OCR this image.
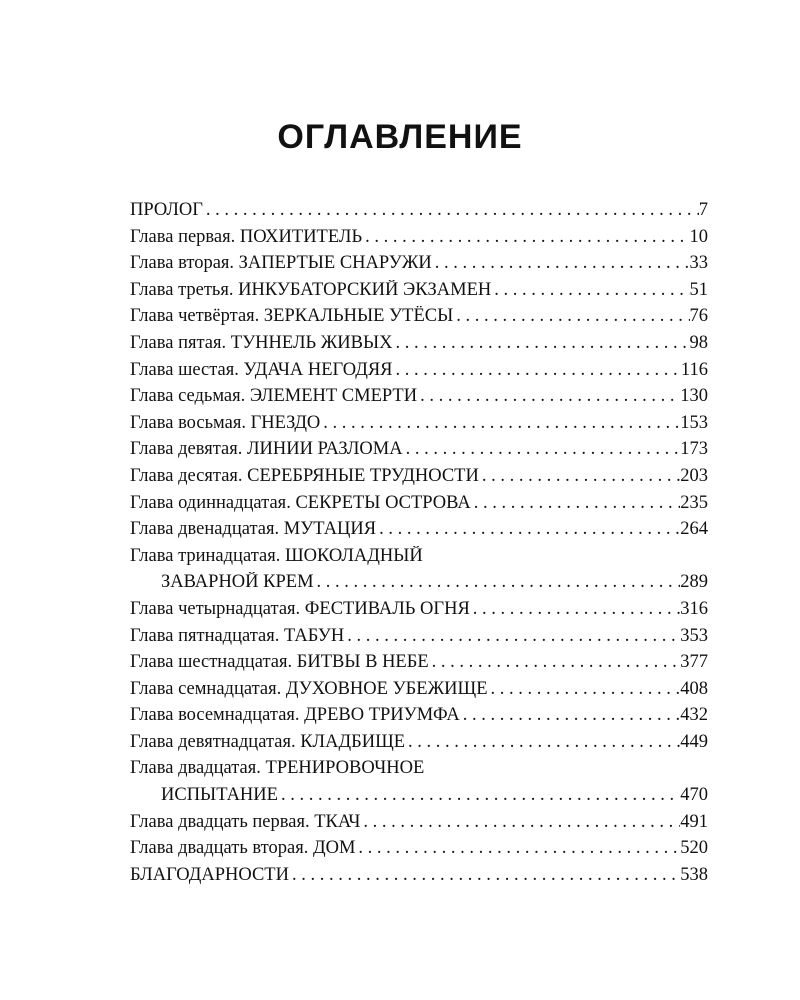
ОГЛАВЛЕНИЕ
ПРОЛОГ . . .	7
Глава первая. ПОХИТИТЕЛЬ . . .	10
Глава вторая. ЗАПЕРТЫЕ СНАРУЖИ . . .	33
Глава третья. ИНКУБАТОРСКИЙ ЭКЗАМЕН . . .	51
Глава четвёртая. ЗЕРКАЛЬНЫЕ УТЁСЫ . . .	76
Глава пятая. ТУННЕЛЬ ЖИВЫХ . . .	98
Глава шестая. УДАЧА НЕГОДЯЯ . . .	116
Глава седьмая. ЭЛЕМЕНТ СМЕРТИ . . .	130
Глава восьмая. ГНЕЗДО . . .	153
Глава девятая. ЛИНИИ РАЗЛОМА . . .	173
Глава десятая. СЕРЕБРЯНЫЕ ТРУДНОСТИ . . .	203
Глава одиннадцатая. СЕКРЕТЫ ОСТРОВА . . .	235
Глава двенадцатая. МУТАЦИЯ . . .	264
Глава тринадцатая. ШОКОЛАДНЫЙ
ЗАВАРНОЙ КРЕМ . . .	289
Глава четырнадцатая. ФЕСТИВАЛЬ ОГНЯ . . .	316
Глава пятнадцатая. ТАБУН . . .	353
Глава шестнадцатая. БИТВЫ В НЕБЕ . . .	377
Глава семнадцатая. ДУХОВНОЕ УБЕЖИЩЕ . . .	408
Глава восемнадцатая. ДРЕВО ТРИУМФА . . .	432
Глава девятнадцатая. КЛАДБИЩЕ . . .	449
Глава двадцатая. ТРЕНИРОВОЧНОЕ
ИСПЫТАНИЕ . . .	470
Глава двадцать первая. ТКАЧ . . .	491
Глава двадцать вторая. ДОМ . . .	520
БЛАГОДАРНОСТИ . . .	538
